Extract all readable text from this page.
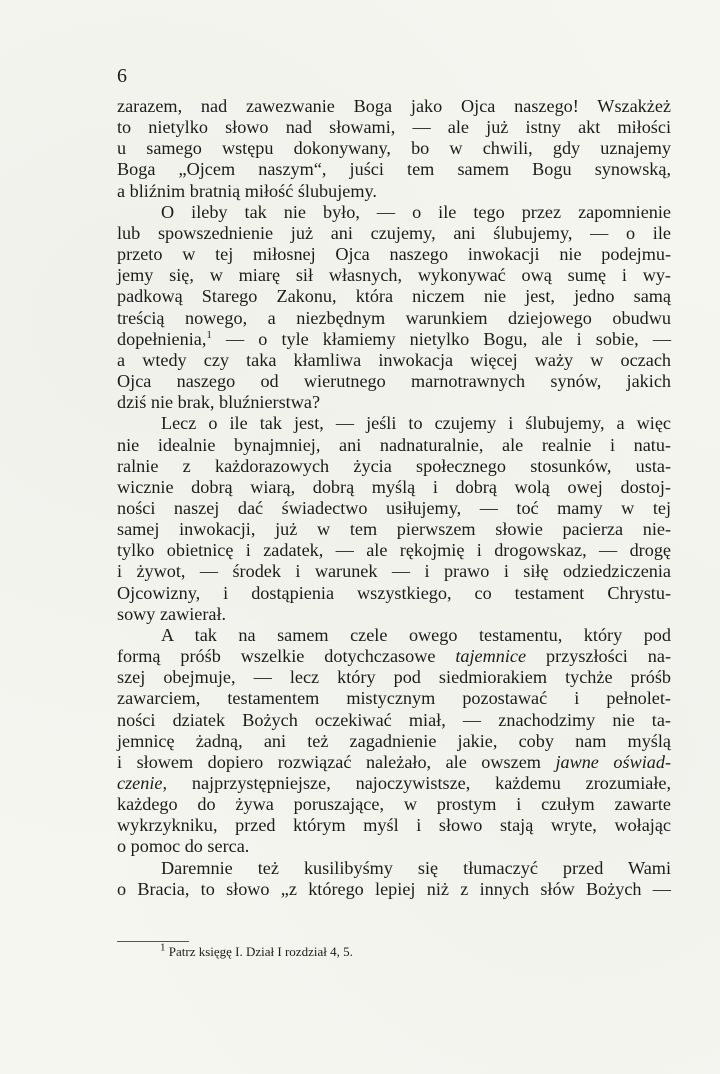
6
zarazem, nad zawezwanie Boga jako Ojca naszego! Wszakżeż
to nietylko słowo nad słowami, — ale już istny akt miłości
u samego wstępu dokonywany, bo w chwili, gdy uznajemy
Boga „Ojcem naszym“, juści tem samem Bogu synowską,
a bliźnim bratnią miłość ślubujemy.
O ileby tak nie było, — o ile tego przez zapomnienie
lub spowszednienie już ani czujemy, ani ślubujemy, — o ile
przeto w tej miłosnej Ojca naszego inwokacji nie podejmu-
jemy się, w miarę sił własnych, wykonywać ową sumę i wy-
padkową Starego Zakonu, która niczem nie jest, jedno samą
treścią nowego, a niezbędnym warunkiem dziejowego obudwu
dopełnienia,$^1$ — o tyle kłamiemy nietylko Bogu, ale i sobie, —
a wtedy czy taka kłamliwa inwokacja więcej waży w oczach
Ojca naszego od wierutnego marnotrawnych synów, jakich
dziś nie brak, bluźnierstwa?
Lecz o ile tak jest, — jeśli to czujemy i ślubujemy, a więc
nie idealnie bynajmniej, ani nadnaturalnie, ale realnie i natu-
ralnie z każdorazowych życia społecznego stosunków, usta-
wicznie dobrą wiarą, dobrą myślą i dobrą wolą owej dostoj-
ności naszej dać świadectwo usiłujemy, — toć mamy w tej
samej inwokacji, już w tem pierwszem słowie pacierza nie-
tylko obietnicę i zadatek, — ale rękojmię i drogowskaz, — drogę
i żywot, — środek i warunek — i prawo i siłę odziedziczenia
Ojcowizny, i dostąpienia wszystkiego, co testament Chrystu-
sowy zawierał.
A tak na samem czele owego testamentu, który pod
formą próśb wszelkie dotychczasowe tajemnice przyszłości na-
szej obejmuje, — lecz który pod siedmiorakiem tychże próśb
zawarciem, testamentem mistycznym pozostawać i pełnolet-
ności dziatek Bożych oczekiwać miał, — znachodzimy nie ta-
jemnicę żadną, ani też zagadnienie jakie, coby nam myślą
i słowem dopiero rozwiązać należało, ale owszem jawne oświad-
czenie, najprzystępniejsze, najoczywistsze, każdemu zrozumiałe,
każdego do żywa poruszające, w prostym i czułym zawarte
wykrzykniku, przed którym myśl i słowo stają wryte, wołając
o pomoc do serca.
Daremnie też kusilibyśmy się tłumaczyć przed Wami
o Bracia, to słowo „z którego lepiej niż z innych słów Bożych —
$^1$ Patrz księgę I. Dział I rozdział 4, 5.
